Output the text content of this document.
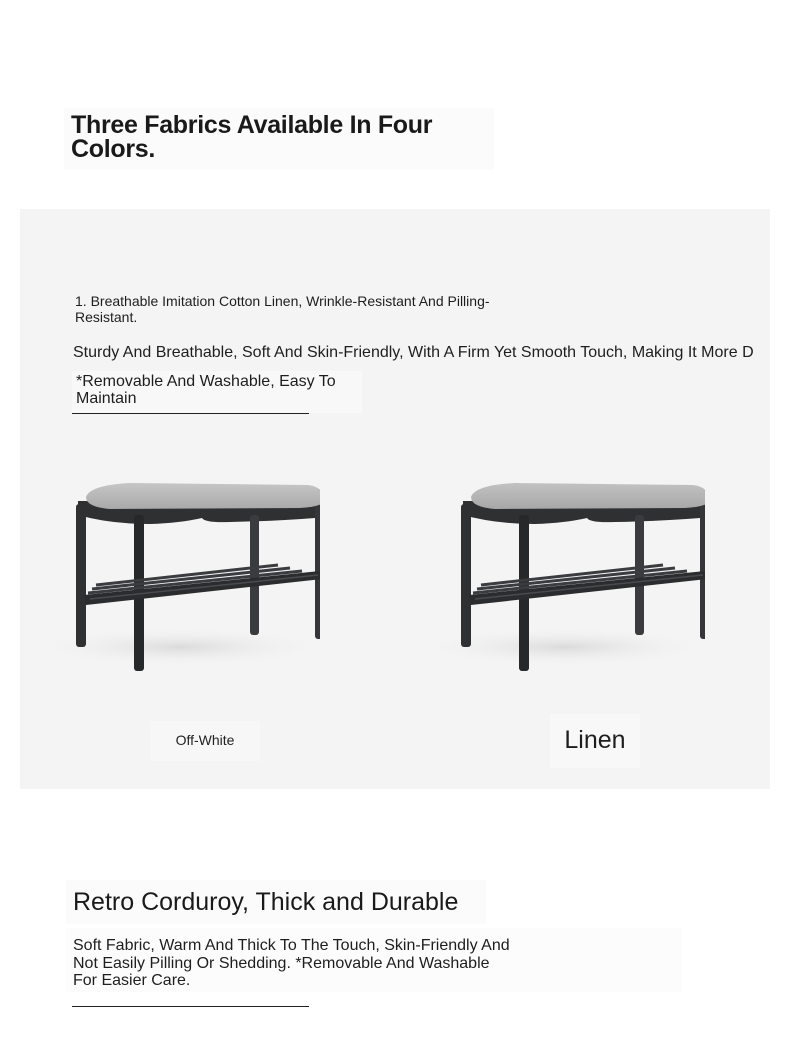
Three Fabrics Available In Four Colors.
1. Breathable Imitation Cotton Linen, Wrinkle-Resistant And Pilling-Resistant.
Sturdy And Breathable, Soft And Skin-Friendly, With A Firm Yet Smooth Touch, Making It More D
*Removable And Washable, Easy To Maintain
Off-White	Linen
Retro Corduroy, Thick and Durable
Soft Fabric, Warm And Thick To The Touch, Skin-Friendly And Not Easily Pilling Or Shedding. *Removable And Washable For Easier Care.
